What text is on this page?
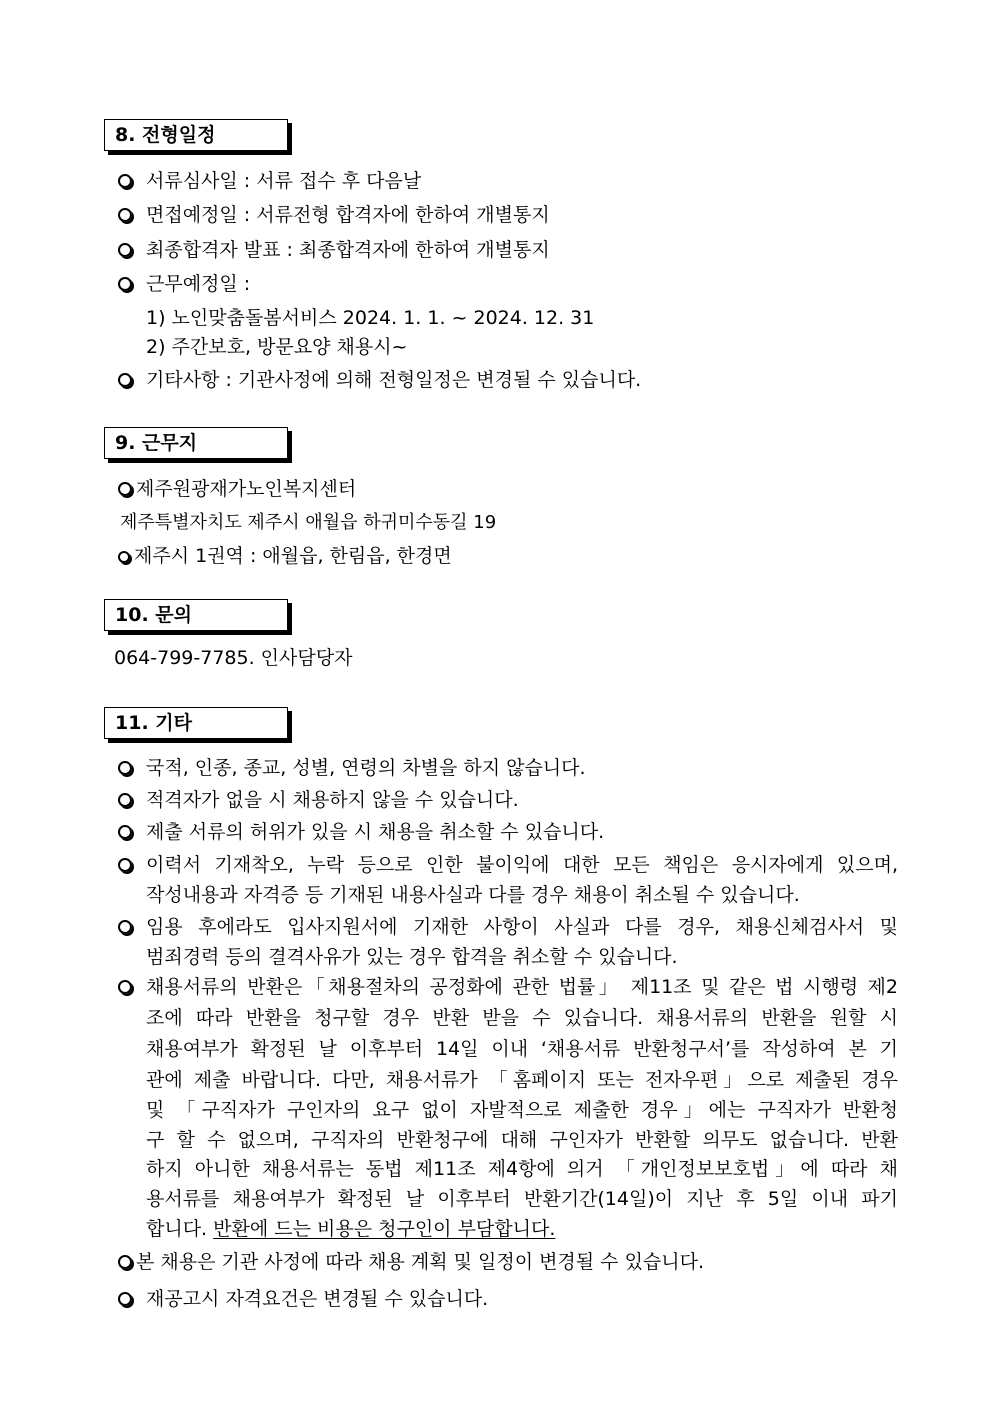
8. 전형일정
서류심사일 : 서류 접수 후 다음날
면접예정일 : 서류전형 합격자에 한하여 개별통지
최종합격자 발표 : 최종합격자에 한하여 개별통지
근무예정일 :
1) 노인맞춤돌봄서비스 2024. 1. 1. ~ 2024. 12. 31
2) 주간보호, 방문요양 채용시~
기타사항 : 기관사정에 의해 전형일정은 변경될 수 있습니다.
9. 근무지
제주원광재가노인복지센터
제주특별자치도 제주시 애월읍 하귀미수동길 19
제주시 1권역 : 애월읍, 한림읍, 한경면
10. 문의
064-799-7785. 인사담당자
11. 기타
국적, 인종, 종교, 성별, 연령의 차별을 하지 않습니다.
적격자가 없을 시 채용하지 않을 수 있습니다.
제출 서류의 허위가 있을 시 채용을 취소할 수 있습니다.
이력서 기재착오, 누락 등으로 인한 불이익에 대한 모든 책임은 응시자에게 있으며,
작성내용과 자격증 등 기재된 내용사실과 다를 경우 채용이 취소될 수 있습니다.
임용 후에라도 입사지원서에 기재한 사항이 사실과 다를 경우, 채용신체검사서 및
범죄경력 등의 결격사유가 있는 경우 합격을 취소할 수 있습니다.
채용서류의 반환은「채용절차의 공정화에 관한 법률」 제11조 및 같은 법 시행령 제2
조에 따라 반환을 청구할 경우 반환 받을 수 있습니다. 채용서류의 반환을 원할 시
채용여부가 확정된 날 이후부터 14일 이내 ‘채용서류 반환청구서’를 작성하여 본 기
관에 제출 바랍니다. 다만, 채용서류가 「홈페이지 또는 전자우편」으로 제출된 경우
및 「구직자가 구인자의 요구 없이 자발적으로 제출한 경우」에는 구직자가 반환청
구 할 수 없으며, 구직자의 반환청구에 대해 구인자가 반환할 의무도 없습니다. 반환
하지 아니한 채용서류는 동법 제11조 제4항에 의거 「개인정보보호법」에 따라 채
용서류를 채용여부가 확정된 날 이후부터 반환기간(14일)이 지난 후 5일 이내 파기
합니다. 반환에 드는 비용은 청구인이 부담합니다.
본 채용은 기관 사정에 따라 채용 계획 및 일정이 변경될 수 있습니다.
재공고시 자격요건은 변경될 수 있습니다.
